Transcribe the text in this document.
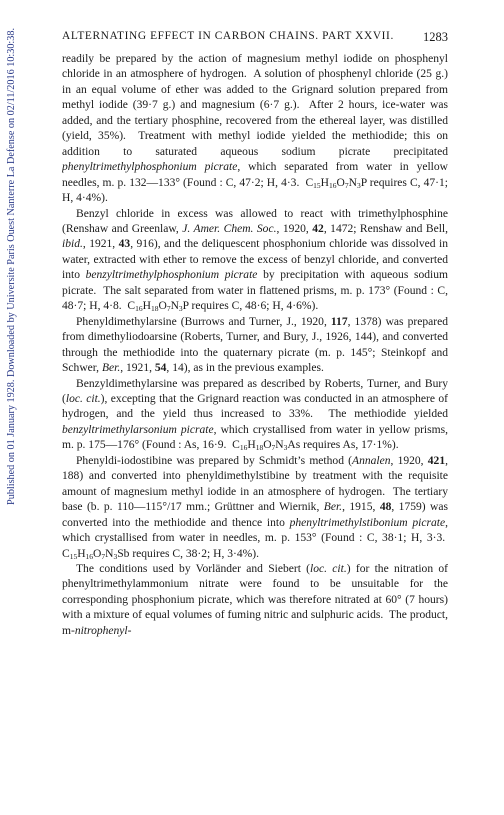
Published on 01 January 1928. Downloaded by Universite Paris Ouest Nanterre La Defense on 02/11/2016 10:30:38.	ALTERNATING EFFECT IN CARBON CHAINS. PART XXVII. 1283

readily be prepared by the action of magnesium methyl iodide on phosphenyl chloride in an atmosphere of hydrogen.  A solution of phosphenyl chloride (25 g.) in an equal volume of ether was added to the Grignard solution prepared from methyl iodide (39·7 g.) and magnesium (6·7 g.).  After 2 hours, ice-water was added, and the tertiary phosphine, recovered from the ethereal layer, was distilled (yield, 35%).  Treatment with methyl iodide yielded the methiodide; this on addition to saturated aqueous sodium picrate precipitated phenyltrimethylphosphonium picrate, which separated from water in yellow needles, m. p. 132—133° (Found : C, 47·2; H, 4·3.  $C_{15}H_{16}O_7N_3P$ requires C, 47·1; H, 4·4%).

Benzyl chloride in excess was allowed to react with trimethylphosphine (Renshaw and Greenlaw, J. Amer. Chem. Soc., 1920, 42, 1472; Renshaw and Bell, ibid., 1921, 43, 916), and the deliquescent phosphonium chloride was dissolved in water, extracted with ether to remove the excess of benzyl chloride, and converted into benzyltrimethylphosphonium picrate by precipitation with aqueous sodium picrate.  The salt separated from water in flattened prisms, m. p. 173° (Found : C, 48·7; H, 4·8.  $C_{16}H_{18}O_7N_3P$ requires C, 48·6; H, 4·6%).

Phenyldimethylarsine (Burrows and Turner, J., 1920, 117, 1378) was prepared from dimethyliodoarsine (Roberts, Turner, and Bury, J., 1926, 144), and converted through the methiodide into the quaternary picrate (m. p. 145°; Steinkopf and Schwer, Ber., 1921, 54, 14), as in the previous examples.

Benzyldimethylarsine was prepared as described by Roberts, Turner, and Bury (loc. cit.), excepting that the Grignard reaction was conducted in an atmosphere of hydrogen, and the yield thus increased to 33%.  The methiodide yielded benzyltrimethylarsonium picrate, which crystallised from water in yellow prisms, m. p. 175—176° (Found : As, 16·9.  $C_{16}H_{18}O_7N_3As$ requires As, 17·1%).

Phenyldi-iodostibine was prepared by Schmidt’s method (Annalen, 1920, 421, 188) and converted into phenyldimethylstibine by treatment with the requisite amount of magnesium methyl iodide in an atmosphere of hydrogen.  The tertiary base (b. p. 110—115°/17 mm.; Grüttner and Wiernik, Ber., 1915, 48, 1759) was converted into the methiodide and thence into phenyltrimethylstibonium picrate, which crystallised from water in needles, m. p. 153° (Found : C, 38·1; H, 3·3.  $C_{15}H_{16}O_7N_3Sb$ requires C, 38·2; H, 3·4%).

The conditions used by Vorländer and Siebert (loc. cit.) for the nitration of phenyltrimethylammonium nitrate were found to be unsuitable for the corresponding phosphonium picrate, which was therefore nitrated at 60° (7 hours) with a mixture of equal volumes of fuming nitric and sulphuric acids.  The product, m-nitrophenyl-
